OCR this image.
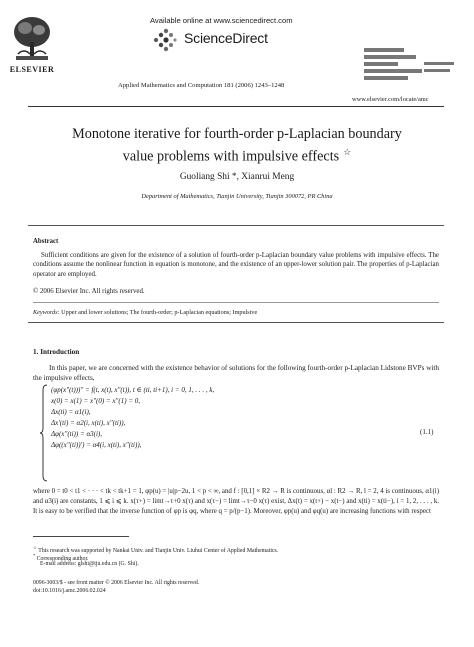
ELSEVIER
Available online at www.sciencedirect.com
ScienceDirect
Applied Mathematics and Computation 181 (2006) 1243–1248
www.elsevier.com/locate/amc
Monotone iterative for fourth-order p-Laplacian boundary
value problems with impulsive effects ☆
Guoliang Shi *, Xianrui Meng
Department of Mathematics, Tianjin University, Tianjin 300072, PR China
Abstract
Sufficient conditions are given for the existence of a solution of fourth-order p-Laplacian boundary value problems with impulsive effects. The conditions assume the nonlinear function in equation is monotone, and the existence of an upper-lower solution pair. The properties of p-Laplacian operator are employed.
© 2006 Elsevier Inc. All rights reserved.
Keywords: Upper and lower solutions; The fourth-order; p-Laplacian equations; Impulsive
1. Introduction
In this paper, we are concerned with the existence behavior of solutions for the following fourth-order p-Laplacian Lidstone BVPs with the impulsive effects,
(φp(x″(t)))″ = f(t, x(t), x″(t)), t ∈ (ti, ti+1), i = 0, 1, . . . , k,
x(0) = x(1) = x″(0) = x″(1) = 0,
Δx(ti) = α1(i),
Δx′(ti) = α2(i, x(ti), x″(ti)),
Δφ(x″(ti)) = α3(i),
Δφ((x″(ti))′) = α4(i, x(ti), x″(ti)),
(1.1)
where 0 = t0 < t1 < · · · < tk < tk+1 = 1, φp(u) = |u|p−2u, 1 < p < ∞, and f : [0,1] × R2 → R is continuous, αl : R2 → R, l = 2, 4 is continuous, α1(i) and α3(i) are constants, 1 ⩽ i ⩽ k. x(τ+) = limt→τ+0 x(τ) and x(τ−) = limt→τ−0 x(τ) exist, Δx(t) = x(t+) − x(t−) and x(ti) = x(ti−), i = 1, 2, . . . , k. It is easy to be verified that the inverse function of φp is φq, where q = p/(p−1). Moreover, φp(u) and φq(u) are increasing functions with respect
☆ This research was supported by Nankai Univ. and Tianjin Univ. Liuhui Center of Applied Mathematics.
* Corresponding author.
E-mail address: glshi@tju.edu.cn (G. Shi).
0096-3003/$ - see front matter © 2006 Elsevier Inc. All rights reserved.
doi:10.1016/j.amc.2006.02.024
